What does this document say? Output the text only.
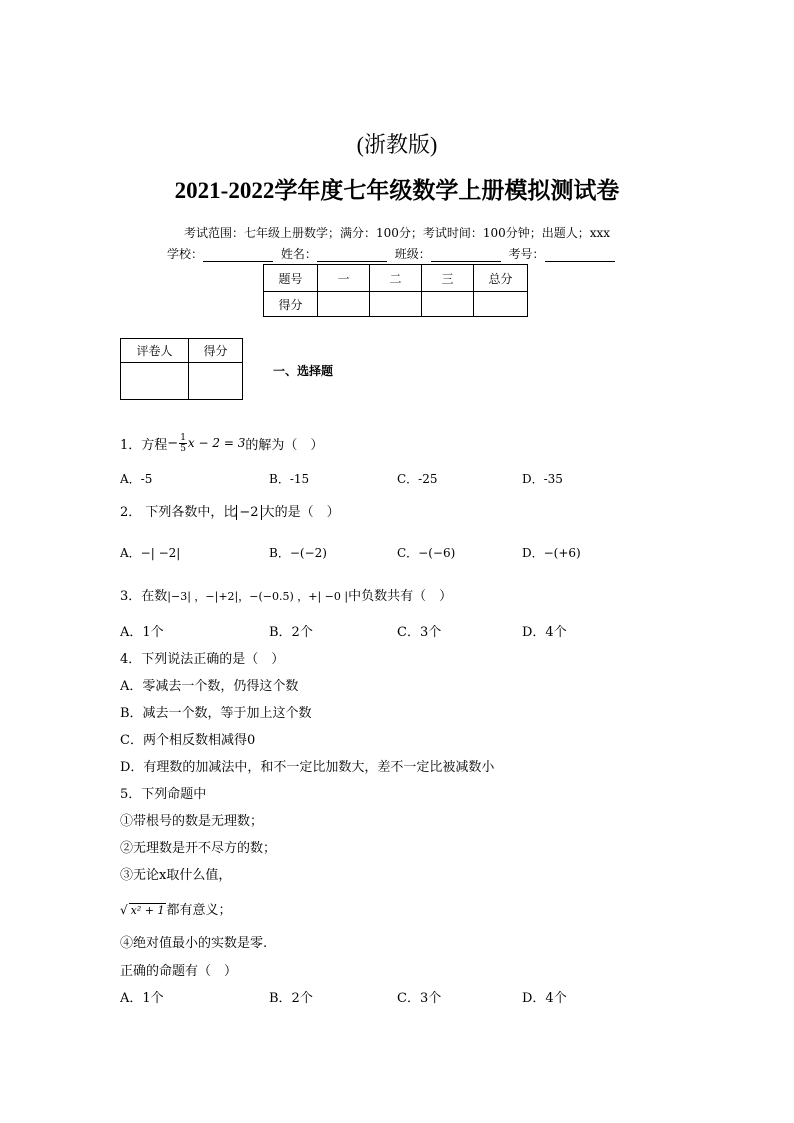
(浙教版)
2021-2022学年度七年级数学上册模拟测试卷
考试范围：七年级上册数学；满分：100分；考试时间：100分钟；出题人；xxx
学校：	姓名：	班级：	考号：
题号	一	二	三	总分
得分				
评卷人	得分

一、选择题
1．方程 − $\frac{1}{5}$ x − 2 = 3 的解为（　）
A．-5	B．-15	C．-25	D．-35
2． 下列各数中，比 −2 大的是（　）
A．−| −2|	B．−(−2)	C．−(−6)	D．−(+6)
3．在数|−3| ，−|+2|，−(−0.5) ，+| −0 |中负数共有（　）
A．1个	B．2个	C．3个	D．4个
4．下列说法正确的是（　）
A．零减去一个数，仍得这个数
B．减去一个数，等于加上这个数
C．两个相反数相减得0
D．有理数的加减法中，和不一定比加数大，差不一定比被减数小
5．下列命题中
①带根号的数是无理数；
②无理数是开不尽方的数；
③无论x取什么值，
√ x² + 1 都有意义；
④绝对值最小的实数是零.
正确的命题有（　）
A．1个	B．2个	C．3个	D．4个
